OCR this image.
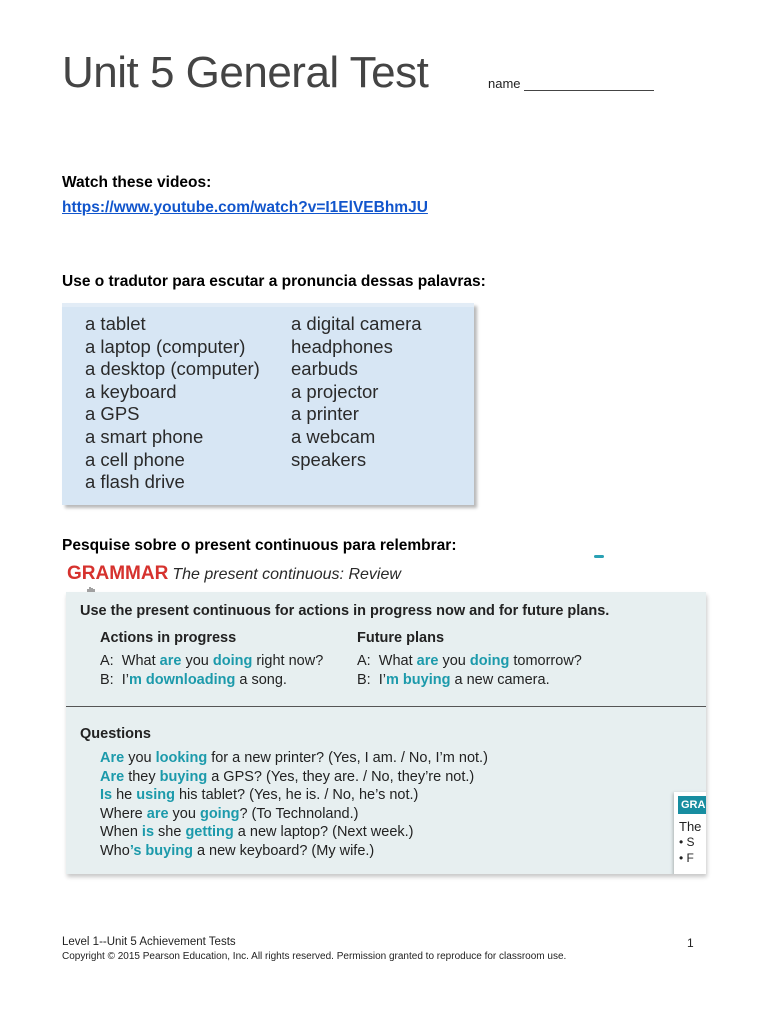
Unit 5 General Test	name
Watch these videos:
https://www.youtube.com/watch?v=I1ElVEBhmJU
Use o tradutor para escutar a pronuncia dessas palavras:
a tablet
a laptop (computer)
a desktop (computer)
a keyboard
a GPS
a smart phone
a cell phone
a flash drive
a digital camera
headphones
earbuds
a projector
a printer
a webcam
speakers
Pesquise sobre o present continuous para relembrar:
GRAMMAR The present continuous: Review
Use the present continuous for actions in progress now and for future plans.
Actions in progress	Future plans
A:  What are you doing right now?
B:  I’m downloading a song.
A:  What are you doing tomorrow?
B:  I’m buying a new camera.
Questions
Are you looking for a new printer? (Yes, I am. / No, I’m not.)
Are they buying a GPS? (Yes, they are. / No, they’re not.)
Is he using his tablet? (Yes, he is. / No, he’s not.)
Where are you going? (To Technoland.)
When is she getting a new laptop? (Next week.)
Who’s buying a new keyboard? (My wife.)
GRA
The
• S
• F
Level 1--Unit 5 Achievement Tests
Copyright © 2015 Pearson Education, Inc. All rights reserved. Permission granted to reproduce for classroom use.
1
